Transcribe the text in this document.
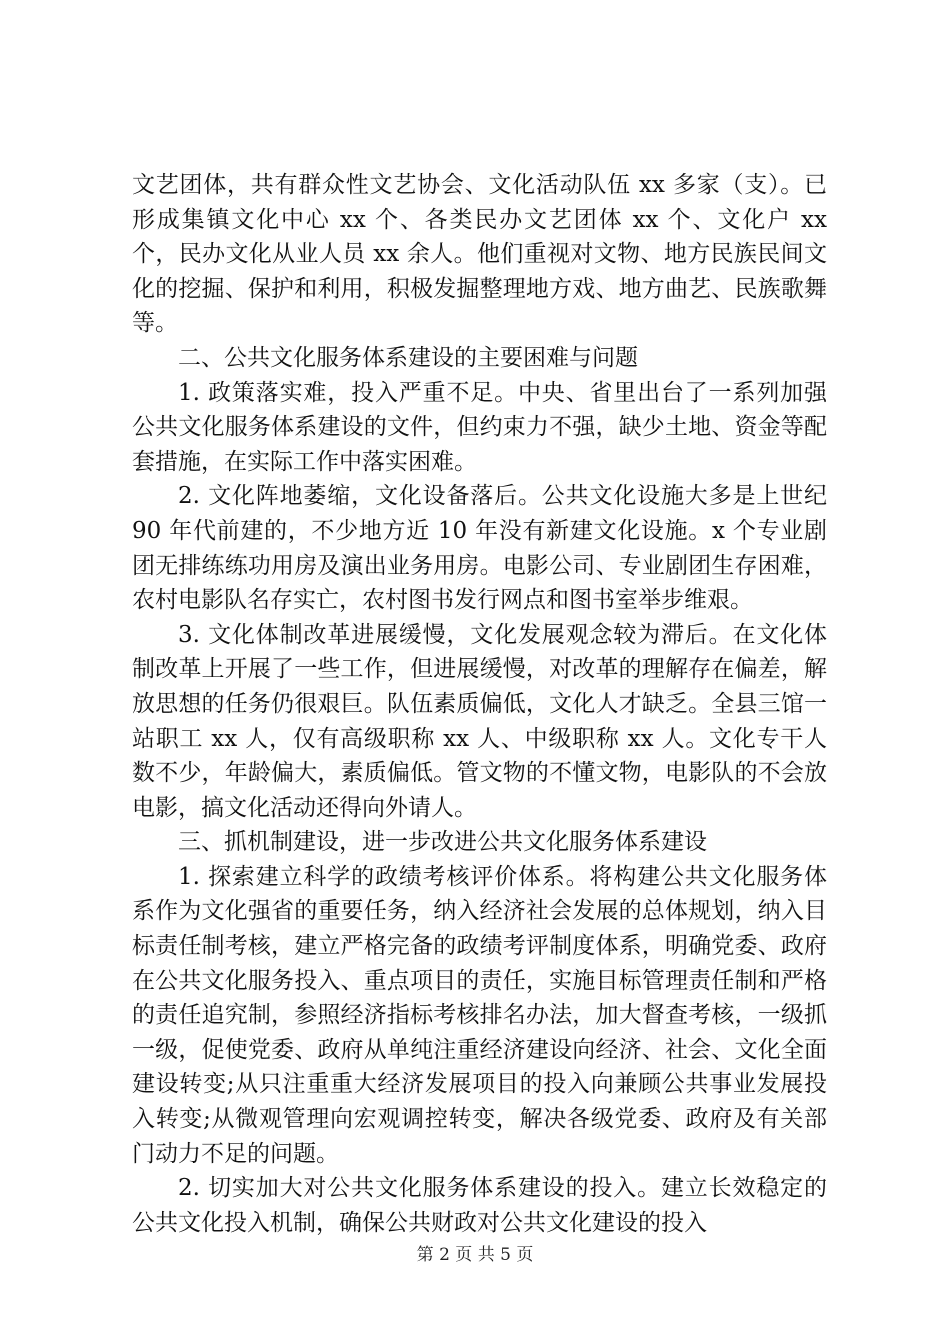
文艺团体，共有群众性文艺协会、文化活动队伍 xx 多家（支）。已形成集镇文化中心 xx 个、各类民办文艺团体 xx 个、文化户 xx 个，民办文化从业人员 xx 余人。他们重视对文物、地方民族民间文化的挖掘、保护和利用，积极发掘整理地方戏、地方曲艺、民族歌舞等。

二、公共文化服务体系建设的主要困难与问题

1. 政策落实难，投入严重不足。中央、省里出台了一系列加强公共文化服务体系建设的文件，但约束力不强，缺少土地、资金等配套措施，在实际工作中落实困难。

2. 文化阵地萎缩，文化设备落后。公共文化设施大多是上世纪 90 年代前建的，不少地方近 10 年没有新建文化设施。x 个专业剧团无排练练功用房及演出业务用房。电影公司、专业剧团生存困难，农村电影队名存实亡，农村图书发行网点和图书室举步维艰。

3. 文化体制改革进展缓慢，文化发展观念较为滞后。在文化体制改革上开展了一些工作，但进展缓慢，对改革的理解存在偏差，解放思想的任务仍很艰巨。队伍素质偏低，文化人才缺乏。全县三馆一站职工 xx 人，仅有高级职称 xx 人、中级职称 xx 人。文化专干人数不少，年龄偏大，素质偏低。管文物的不懂文物，电影队的不会放电影，搞文化活动还得向外请人。

三、抓机制建设，进一步改进公共文化服务体系建设

1. 探索建立科学的政绩考核评价体系。将构建公共文化服务体系作为文化强省的重要任务，纳入经济社会发展的总体规划，纳入目标责任制考核，建立严格完备的政绩考评制度体系，明确党委、政府在公共文化服务投入、重点项目的责任，实施目标管理责任制和严格的责任追究制，参照经济指标考核排名办法，加大督查考核，一级抓一级，促使党委、政府从单纯注重经济建设向经济、社会、文化全面建设转变;从只注重重大经济发展项目的投入向兼顾公共事业发展投入转变;从微观管理向宏观调控转变，解决各级党委、政府及有关部门动力不足的问题。

2. 切实加大对公共文化服务体系建设的投入。建立长效稳定的公共文化投入机制，确保公共财政对公共文化建设的投入

第 2 页 共 5 页
